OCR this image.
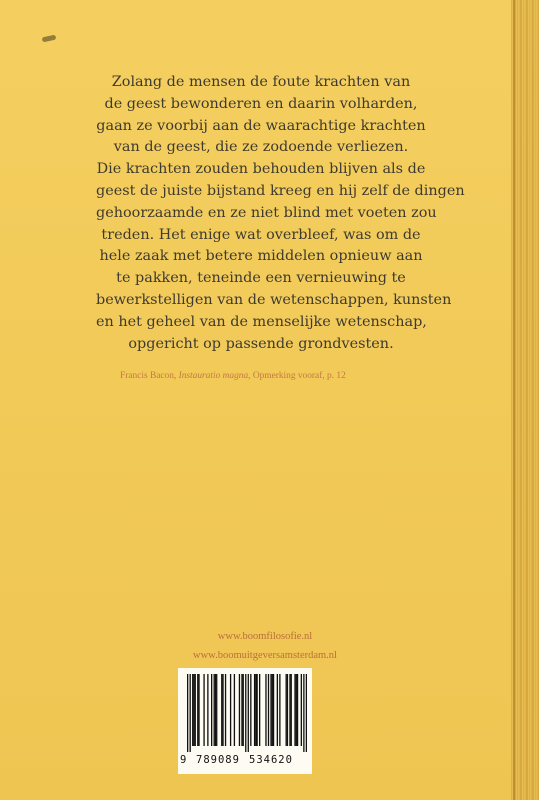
Zolang de mensen de foute krachten van
de geest bewonderen en daarin volharden,
gaan ze voorbij aan de waarachtige krachten
van de geest, die ze zodoende verliezen.
Die krachten zouden behouden blijven als de
geest de juiste bijstand kreeg en hij zelf de dingen
gehoorzaamde en ze niet blind met voeten zou
treden. Het enige wat overbleef, was om de
hele zaak met betere middelen opnieuw aan
te pakken, teneinde een vernieuwing te
bewerkstelligen van de wetenschappen, kunsten
en het geheel van de menselijke wetenschap,
opgericht op passende grondvesten.
Francis Bacon, Instauratio magna, Opmerking vooraf, p. 12
www.boomfilosofie.nl
www.boomuitgeversamsterdam.nl
9 789089 534620
